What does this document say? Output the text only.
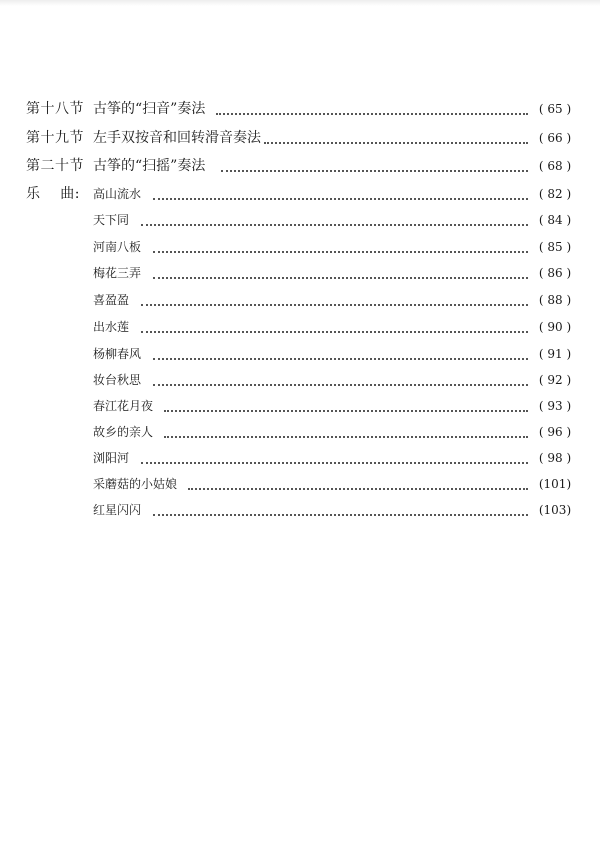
第十八节 古筝的“扫音”奏法	( 65 )
第十九节 左手双按音和回转滑音奏法	( 66 )
第二十节 古筝的“扫摇”奏法	( 68 )
乐    曲: 高山流水	( 82 )
天下同	( 84 )
河南八板	( 85 )
梅花三弄	( 86 )
喜盈盈	( 88 )
出水莲	( 90 )
杨柳春风	( 91 )
妆台秋思	( 92 )
春江花月夜	( 93 )
故乡的亲人	( 96 )
浏阳河	( 98 )
采蘑菇的小姑娘	(101)
红星闪闪	(103)
